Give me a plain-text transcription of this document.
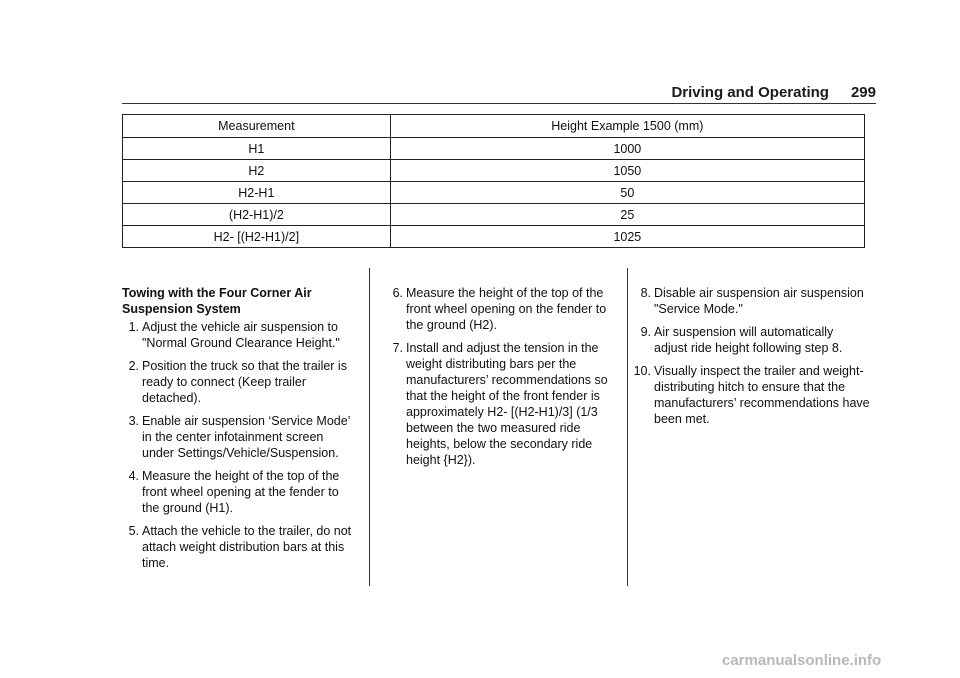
Driving and Operating 299
Measurement	Height Example 1500 (mm)
H1	1000
H2	1050
H2-H1	50
(H2-H1)/2	25
H2- [(H2-H1)/2]	1025
Towing with the Four Corner Air Suspension System
1. Adjust the vehicle air suspension to "Normal Ground Clearance Height."
2. Position the truck so that the trailer is ready to connect (Keep trailer detached).
3. Enable air suspension ‘Service Mode’ in the center infotainment screen under Settings/Vehicle/Suspension.
4. Measure the height of the top of the front wheel opening at the fender to the ground (H1).
5. Attach the vehicle to the trailer, do not attach weight distribution bars at this time.
6. Measure the height of the top of the front wheel opening on the fender to the ground (H2).
7. Install and adjust the tension in the weight distributing bars per the manufacturers’ recommendations so that the height of the front fender is approximately H2- [(H2-H1)/3] (1/3 between the two measured ride heights, below the secondary ride height {H2}).
8. Disable air suspension air suspension "Service Mode."
9. Air suspension will automatically adjust ride height following step 8.
10. Visually inspect the trailer and weight-distributing hitch to ensure that the manufacturers’ recommendations have been met.
carmanualsonline.info
